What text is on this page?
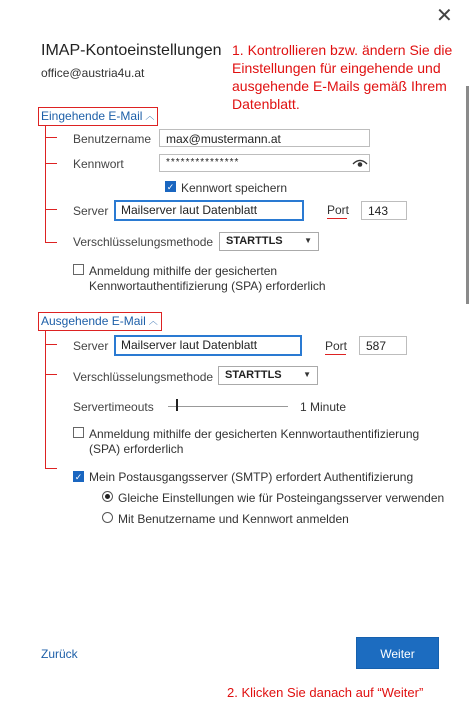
✕
IMAP-Kontoeinstellungen
office@austria4u.at
1. Kontrollieren bzw. ändern Sie die
Einstellungen für eingehende und
ausgehende E-Mails gemäß Ihrem
Datenblatt.
Eingehende E-Mail ︿
Benutzername	max@mustermann.at
Kennwort	***************
✓ Kennwort speichern
Server	Mailserver laut Datenblatt	Port	143
Verschlüsselungsmethode	STARTTLS	▼
Anmeldung mithilfe der gesicherten
Kennwortauthentifizierung (SPA) erforderlich
Ausgehende E-Mail ︿
Server	Mailserver laut Datenblatt	Port	587
Verschlüsselungsmethode	STARTTLS	▼
Servertimeouts	1 Minute
Anmeldung mithilfe der gesicherten Kennwortauthentifizierung
(SPA) erforderlich
✓ Mein Postausgangsserver (SMTP) erfordert Authentifizierung
Gleiche Einstellungen wie für Posteingangsserver verwenden
Mit Benutzername und Kennwort anmelden
Zurück	Weiter
2. Klicken Sie danach auf “Weiter”
